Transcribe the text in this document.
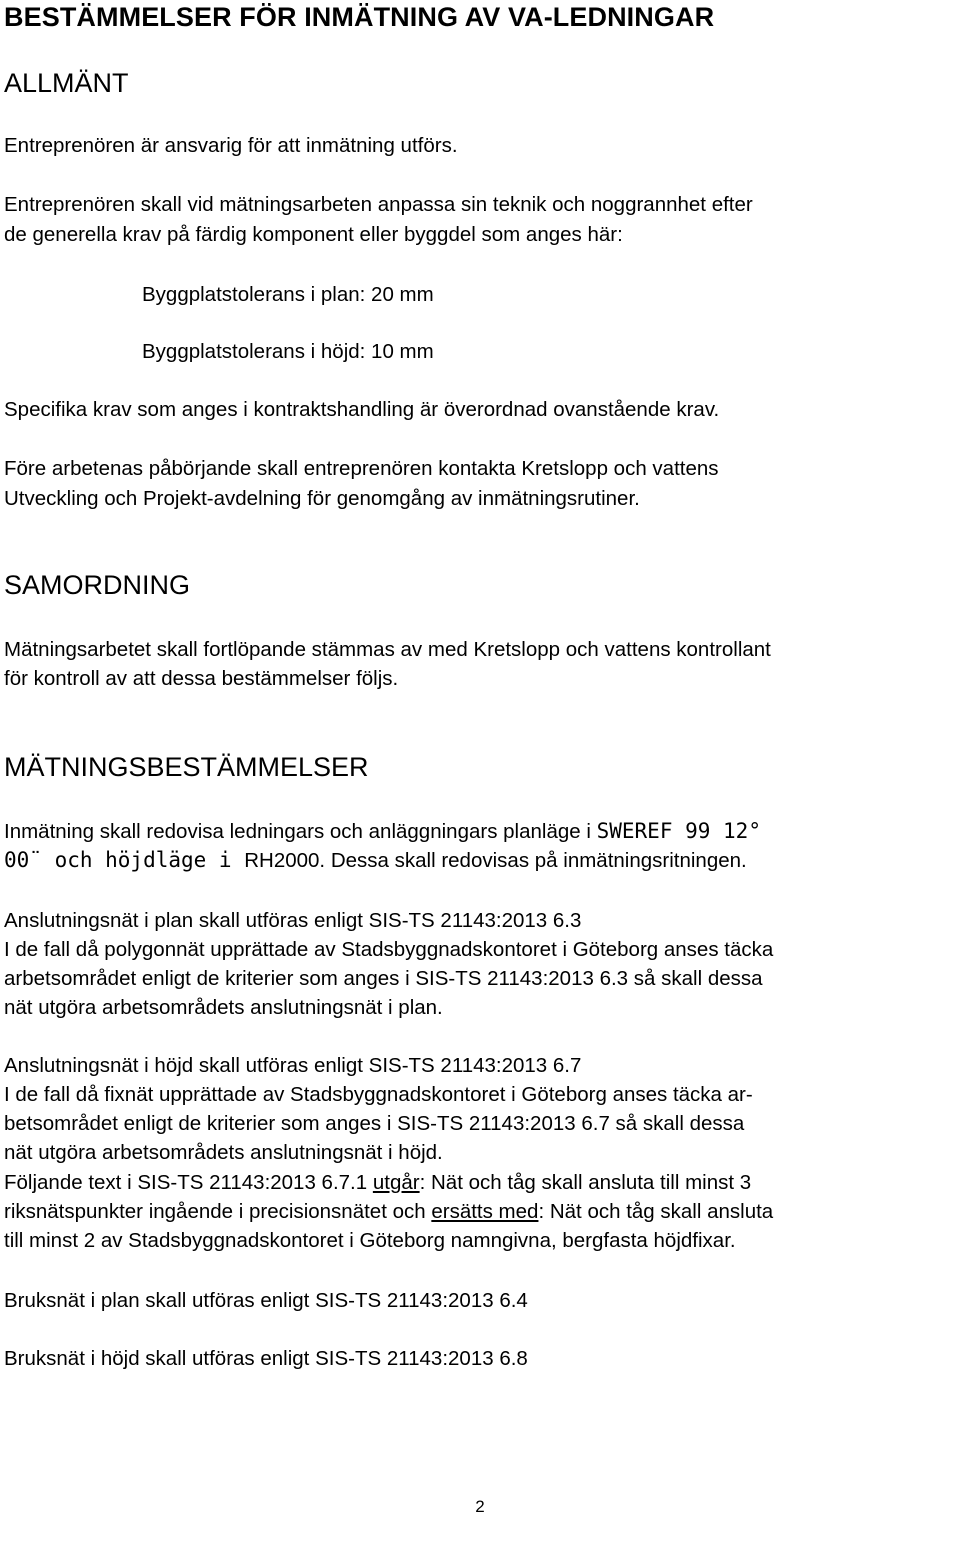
BESTÄMMELSER FÖR INMÄTNING AV VA-LEDNINGAR
ALLMÄNT
Entreprenören är ansvarig för att inmätning utförs.
Entreprenören skall vid mätningsarbeten anpassa sin teknik och noggrannhet efter
de generella krav på färdig komponent eller byggdel som anges här:
Byggplatstolerans i plan: 20 mm
Byggplatstolerans i höjd: 10 mm
Specifika krav som anges i kontraktshandling är överordnad ovanstående krav.
Före arbetenas påbörjande skall entreprenören kontakta Kretslopp och vattens
Utveckling och Projekt-avdelning för genomgång av inmätningsrutiner.
SAMORDNING
Mätningsarbetet skall fortlöpande stämmas av med Kretslopp och vattens kontrollant
för kontroll av att dessa bestämmelser följs.
MÄTNINGSBESTÄMMELSER
Inmätning skall redovisa ledningars och anläggningars planläge i SWEREF 99 12°
00¨ och höjdläge i RH2000. Dessa skall redovisas på inmätningsritningen.
Anslutningsnät i plan skall utföras enligt SIS-TS 21143:2013 6.3
I de fall då polygonnät upprättade av Stadsbyggnadskontoret i Göteborg anses täcka
arbetsområdet enligt de kriterier som anges i SIS-TS 21143:2013 6.3 så skall dessa
nät utgöra arbetsområdets anslutningsnät i plan.
Anslutningsnät i höjd skall utföras enligt SIS-TS 21143:2013 6.7
I de fall då fixnät upprättade av Stadsbyggnadskontoret i Göteborg anses täcka ar-
betsområdet enligt de kriterier som anges i SIS-TS 21143:2013 6.7 så skall dessa
nät utgöra arbetsområdets anslutningsnät i höjd.
Följande text i SIS-TS 21143:2013 6.7.1 utgår: Nät och tåg skall ansluta till minst 3
riksnätspunkter ingående i precisionsnätet och ersätts med: Nät och tåg skall ansluta
till minst 2 av Stadsbyggnadskontoret i Göteborg namngivna, bergfasta höjdfixar.
Bruksnät i plan skall utföras enligt SIS-TS 21143:2013 6.4
Bruksnät i höjd skall utföras enligt SIS-TS 21143:2013 6.8
2
